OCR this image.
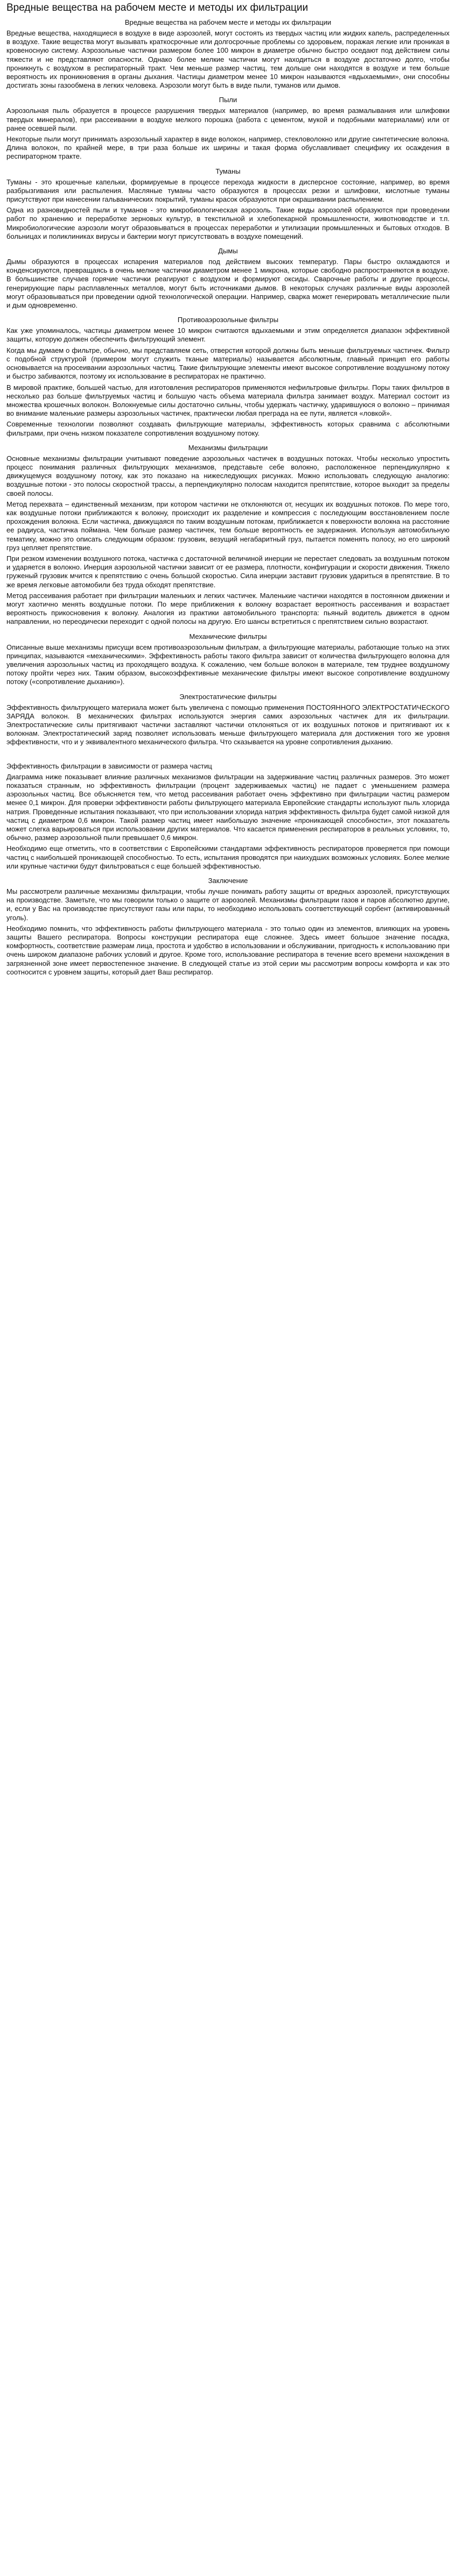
Вредные вещества на рабочем месте и методы их фильтрации
Вредные вещества на рабочем месте и методы их фильтрации

Вредные вещества, находящиеся в воздухе в виде аэрозолей, могут состоять из твердых частиц или жидких капель, распределенных в воздухе. Такие вещества могут вызывать краткосрочные или долгосрочные проблемы со здоровьем, поражая легкие или проникая в кровеносную систему. Аэрозольные частички размером более 100 микрон в диаметре обычно быстро оседают под действием силы тяжести и не представляют опасности. Однако более мелкие частички могут находиться в воздухе достаточно долго, чтобы проникнуть с воздухом в респираторный тракт. Чем меньше размер частиц, тем дольше они находятся в воздухе и тем больше вероятность их проникновения в органы дыхания. Частицы диаметром менее 10 микрон называются «вдыхаемыми», они способны достигать зоны газообмена в легких человека. Аэрозоли могут быть в виде пыли, туманов или дымов.

Пыли

Аэрозольная пыль образуется в процессе разрушения твердых материалов (например, во время размалывания или шлифовки твердых минералов), при рассеивании в воздухе мелкого порошка (работа с цементом, мукой и подобными материалами) или от ранее осевшей пыли.

Некоторые пыли могут принимать аэрозольный характер в виде волокон, например, стекловолокно или другие синтетические волокна. Длина волокон, по крайней мере, в три раза больше их ширины и такая форма обуславливает специфику их осаждения в респираторном тракте.

Туманы

Туманы - это крошечные капельки, формируемые в процессе перехода жидкости в дисперсное состояние, например, во время разбрызгивания или распыления. Масляные туманы часто образуются в процессах резки и шлифовки, кислотные туманы присутствуют при нанесении гальванических покрытий, туманы красок образуются при окрашивании распылением.

Одна из разновидностей пыли и туманов - это микробиологическая аэрозоль. Такие виды аэрозолей образуются при проведении работ по хранению и переработке зерновых культур, в текстильной и хлебопекарной промышленности, животноводстве и т.п. Микробиологические аэрозоли могут образовываться в процессах переработки и утилизации промышленных и бытовых отходов. В больницах и поликлиниках вирусы и бактерии могут присутствовать в воздухе помещений.

Дымы

Дымы образуются в процессах испарения материалов под действием высоких температур. Пары быстро охлаждаются и конденсируются, превращаясь в очень мелкие частички диаметром менее 1 микрона, которые свободно распространяются в воздухе. В большинстве случаев горячие частички реагируют с воздухом и формируют оксиды. Сварочные работы и другие процессы, генерирующие пары расплавленных металлов, могут быть источниками дымов. В некоторых случаях различные виды аэрозолей могут образовываться при проведении одной технологической операции. Например, сварка может генерировать металлические пыли и дым одновременно.

Противоаэрозольные фильтры

Как уже упоминалось, частицы диаметром менее 10 микрон считаются вдыхаемыми и этим определяется диапазон эффективной защиты, которую должен обеспечить фильтрующий элемент.

Когда мы думаем о фильтре, обычно, мы представляем сеть, отверстия которой должны быть меньше фильтруемых частичек. Фильтр с подобной структурой (примером могут служить тканые материалы) называется абсолютным, главный принцип его работы основывается на просеивании аэрозольных частиц. Такие фильтрующие элементы имеют высокое сопротивление воздушному потоку и быстро забиваются, поэтому их использование в респираторах не практично.

В мировой практике, большей частью, для изготовления респираторов применяются нефильтровые фильтры. Поры таких фильтров в несколько раз больше фильтруемых частиц и большую часть объема материала фильтра занимает воздух. Материал состоит из множества крошечных волокон. Волокнуемые силы достаточно сильны, чтобы удержать частичку, ударившуюся о волокно – принимая во внимание маленькие размеры аэрозольных частичек, практически любая преграда на ее пути, является «ловкой».

Современные технологии позволяют создавать фильтрующие материалы, эффективность которых сравнима с абсолютными фильтрами, при очень низком показателе сопротивления воздушному потоку.

Механизмы фильтрации

Основные механизмы фильтрации учитывают поведение аэрозольных частичек в воздушных потоках. Чтобы несколько упростить процесс понимания различных фильтрующих механизмов, представьте себе волокно, расположенное перпендикулярно к движущемуся воздушному потоку, как это показано на нижеследующих рисунках. Можно использовать следующую аналогию: воздушные потоки - это полосы скоростной трассы, а перпендикулярно полосам находится препятствие, которое выходит за пределы своей полосы.

Метод перехвата – единственный механизм, при котором частички не отклоняются от, несущих их воздушных потоков. По мере того, как воздушные потоки приближаются к волокну, происходит их разделение и компрессия с последующим восстановлением после прохождения волокна. Если частичка, движущаяся по таким воздушным потокам, приближается к поверхности волокна на расстояние ее радиуса, частичка поймана. Чем больше размер частичек, тем больше вероятность ее задержания. Используя автомобильную тематику, можно это описать следующим образом: грузовик, везущий негабаритный груз, пытается поменять полосу, но его широкий груз цепляет препятствие.

При резком изменении воздушного потока, частичка с достаточной величиной инерции не перестает следовать за воздушным потоком и ударяется в волокно. Инерция аэрозольной частички зависит от ее размера, плотности, конфигурации и скорости движения. Тяжело груженый грузовик мчится к препятствию с очень большой скоростью. Сила инерции заставит грузовик удариться в препятствие. В то же время легковые автомобили без труда обходят препятствие.

Метод рассеивания работает при фильтрации маленьких и легких частичек. Маленькие частички находятся в постоянном движении и могут хаотично менять воздушные потоки. По мере приближения к волокну возрастает вероятность рассеивания и возрастает вероятность прикосновения к волокну. Аналогия из практики автомобильного транспорта: пьяный водитель движется в одном направлении, но переодически переходит с одной полосы на другую. Его шансы встретиться с препятствием сильно возрастают.

Механические фильтры

Описанные выше механизмы присущи всем противоаэрозольным фильтрам, а фильтрующие материалы, работающие только на этих принципах, называются «механическими». Эффективность работы такого фильтра зависит от количества фильтрующего волокна для увеличения аэрозольных частиц из проходящего воздуха. К сожалению, чем больше волокон в материале, тем труднее воздушному потоку пройти через них. Таким образом, высокоэффективные механические фильтры имеют высокое сопротивление воздушному потоку («сопротивление дыханию»).

Электростатические фильтры

Эффективность фильтрующего материала может быть увеличена с помощью применения ПОСТОЯННОГО ЭЛЕКТРОСТАТИЧЕСКОГО ЗАРЯДА волокон. В механических фильтрах используются энергия самих аэрозольных частичек для их фильтрации. Электростатические силы притягивают частички заставляют частички отклоняться от их воздушных потоков и притягивают их к волокнам. Электростатический заряд позволяет использовать меньше фильтрующего материала для достижения того же уровня эффективности, что и у эквивалентного механического фильтра. Что сказывается на уровне сопротивления дыханию.

Эффективность фильтрации в зависимости от размера частиц

Диаграмма ниже показывает влияние различных механизмов фильтрации на задерживание частиц различных размеров. Это может показаться странным, но эффективность фильтрации (процент задерживаемых частиц) не падает с уменьшением размера аэрозольных частиц. Все объясняется тем, что метод рассеивания работает очень эффективно при фильтрации частиц размером менее 0,1 микрон. Для проверки эффективности работы фильтрующего материала Европейские стандарты используют пыль хлорида натрия. Проведенные испытания показывают, что при использовании хлорида натрия эффективность фильтра будет самой низкой для частиц с диаметром 0,6 микрон. Такой размер частиц имеет наибольшую значение «проникающей способности», этот показатель может слегка варьироваться при использовании других материалов. Что касается применения респираторов в реальных условиях, то, обычно, размер аэрозольной пыли превышает 0,6 микрон.

Необходимо еще отметить, что в соответствии с Европейскими стандартами эффективность респираторов проверяется при помощи частиц с наибольшей проникающей способностью. То есть, испытания проводятся при наихудших возможных условиях. Более мелкие или крупные частички будут фильтроваться с еще большей эффективностью.

Заключение

Мы рассмотрели различные механизмы фильтрации, чтобы лучше понимать работу защиты от вредных аэрозолей, присутствующих на производстве. Заметьте, что мы говорили только о защите от аэрозолей. Механизмы фильтрации газов и паров абсолютно другие, и, если у Вас на производстве присутствуют газы или пары, то необходимо использовать соответствующий сорбент (активированный уголь).

Необходимо помнить, что эффективность работы фильтрующего материала - это только один из элементов, влияющих на уровень защиты Вашего респиратора. Вопросы конструкции респиратора еще сложнее. Здесь имеет большое значение посадка, комфортность, соответствие размерам лица, простота и удобство в использовании и обслуживании, пригодность к использованию при очень широком диапазоне рабочих условий и другое. Кроме того, использование респиратора в течение всего времени нахождения в загрязненной зоне имеет первостепенное значение. В следующей статье из этой серии мы рассмотрим вопросы комфорта и как это соотносится с уровнем защиты, который дает Ваш респиратор.
